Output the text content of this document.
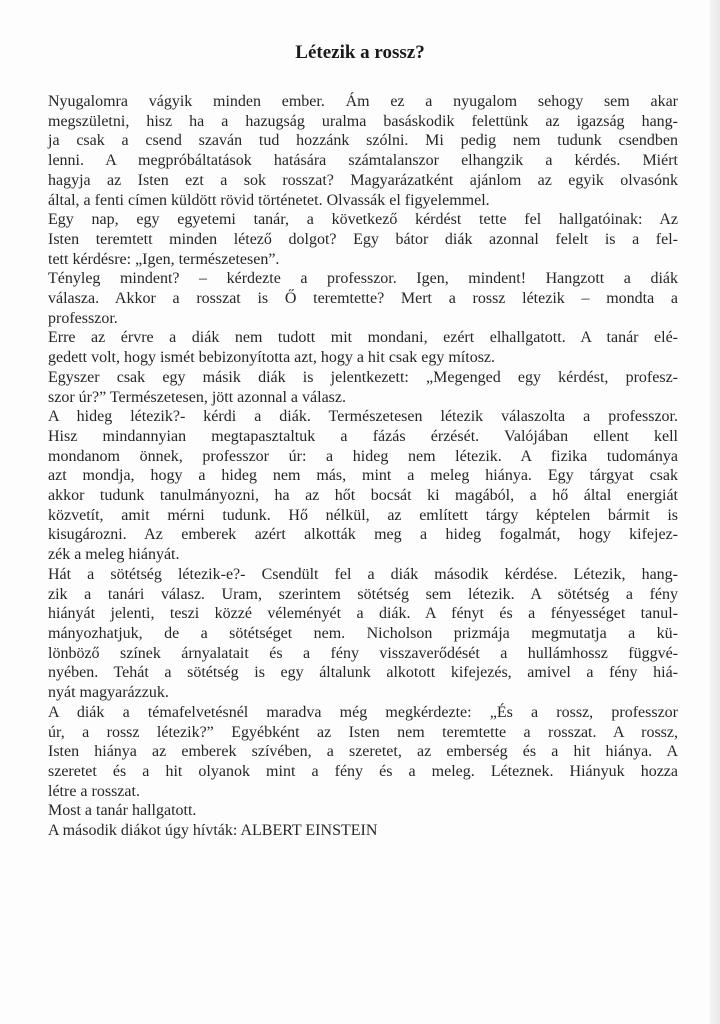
Létezik a rossz?
Nyugalomra vágyik minden ember. Ám ez a nyugalom sehogy sem akar
megszületni, hisz ha a hazugság uralma basáskodik felettünk az igazság hang-
ja csak a csend szaván tud hozzánk szólni. Mi pedig nem tudunk csendben
lenni. A megpróbáltatások hatására számtalanszor elhangzik a kérdés. Miért
hagyja az Isten ezt a sok rosszat? Magyarázatként ajánlom az egyik olvasónk
által, a fenti címen küldött rövid történetet. Olvassák el figyelemmel.
Egy nap, egy egyetemi tanár, a következő kérdést tette fel hallgatóinak: Az
Isten teremtett minden létező dolgot? Egy bátor diák azonnal felelt is a fel-
tett kérdésre: „Igen, természetesen”.
Tényleg mindent? – kérdezte a professzor. Igen, mindent! Hangzott a diák
válasza. Akkor a rosszat is Ő teremtette? Mert a rossz létezik – mondta a
professzor.
Erre az érvre a diák nem tudott mit mondani, ezért elhallgatott. A tanár elé-
gedett volt, hogy ismét bebizonyította azt, hogy a hit csak egy mítosz.
Egyszer csak egy másik diák is jelentkezett: „Megenged egy kérdést, profesz-
szor úr?” Természetesen, jött azonnal a válasz.
A hideg létezik?- kérdi a diák. Természetesen létezik válaszolta a professzor.
Hisz mindannyian megtapasztaltuk a fázás érzését. Valójában ellent kell
mondanom önnek, professzor úr: a hideg nem létezik. A fizika tudománya
azt mondja, hogy a hideg nem más, mint a meleg hiánya. Egy tárgyat csak
akkor tudunk tanulmányozni, ha az hőt bocsát ki magából, a hő által energiát
közvetít, amit mérni tudunk. Hő nélkül, az említett tárgy képtelen bármit is
kisugározni. Az emberek azért alkották meg a hideg fogalmát, hogy kifejez-
zék a meleg hiányát.
Hát a sötétség létezik-e?- Csendült fel a diák második kérdése. Létezik, hang-
zik a tanári válasz. Uram, szerintem sötétség sem létezik. A sötétség a fény
hiányát jelenti, teszi közzé véleményét a diák. A fényt és a fényességet tanul-
mányozhatjuk, de a sötétséget nem. Nicholson prizmája megmutatja a kü-
lönböző színek árnyalatait és a fény visszaverődését a hullámhossz függvé-
nyében. Tehát a sötétség is egy általunk alkotott kifejezés, amivel a fény hiá-
nyát magyarázzuk.
A diák a témafelvetésnél maradva még megkérdezte: „És a rossz, professzor
úr, a rossz létezik?” Egyébként az Isten nem teremtette a rosszat. A rossz,
Isten hiánya az emberek szívében, a szeretet, az emberség és a hit hiánya. A
szeretet és a hit olyanok mint a fény és a meleg. Léteznek. Hiányuk hozza
létre a rosszat.
Most a tanár hallgatott.
A második diákot úgy hívták: ALBERT EINSTEIN
